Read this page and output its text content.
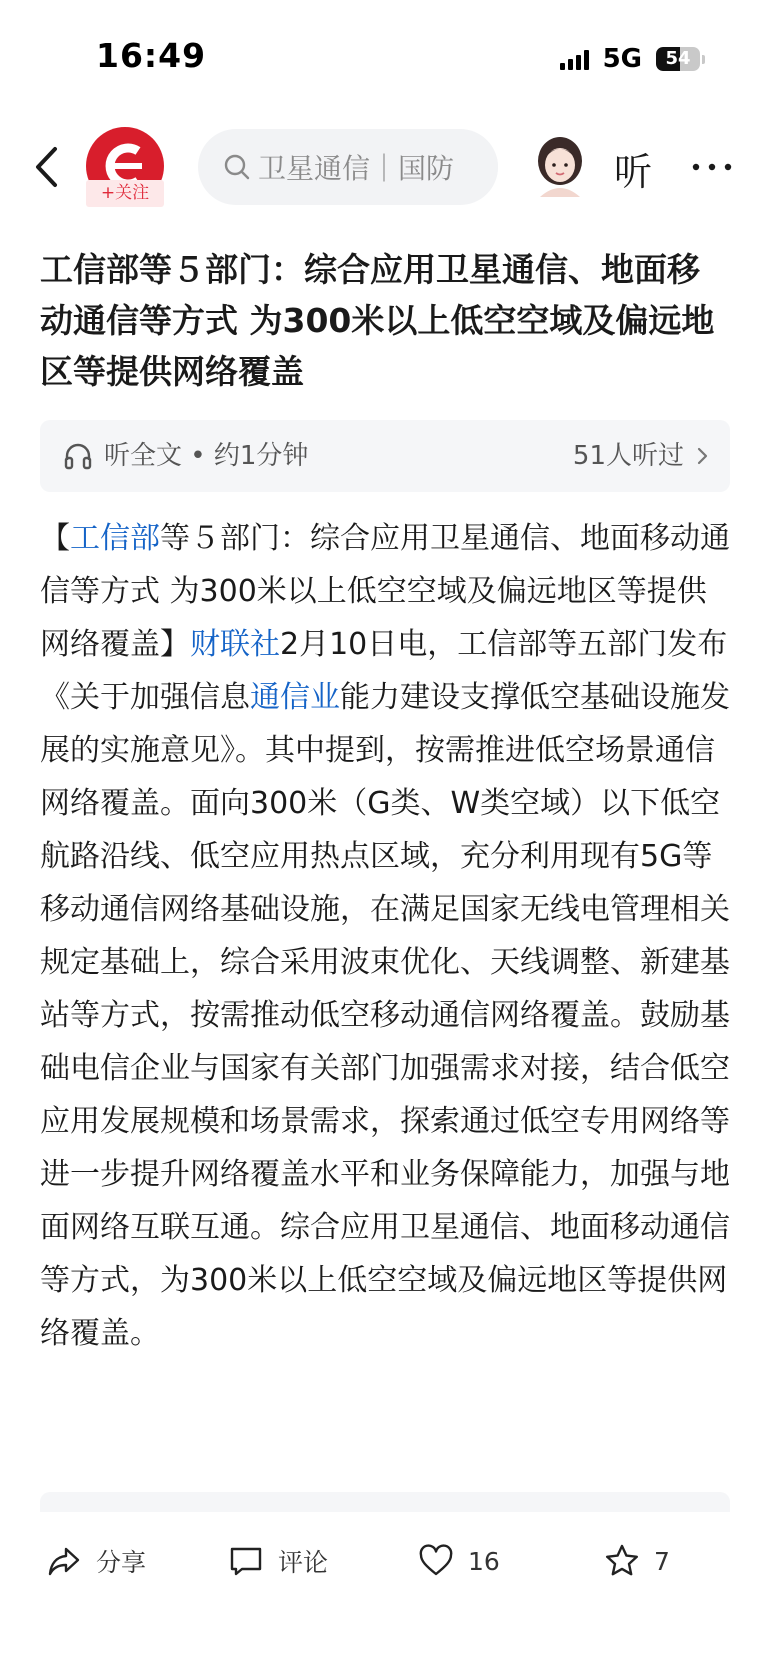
16:49	5G	54
+关注
卫星通信｜国防	听
工信部等５部门：综合应用卫星通信、地面移动通信等方式 为300米以上低空空域及偏远地区等提供网络覆盖
听全文 • 约1分钟	51人听过

【工信部等５部门：综合应用卫星通信、地面移动通信等方式 为300米以上低空空域及偏远地区等提供网络覆盖】财联社2月10日电，工信部等五部门发布《关于加强信息通信业能力建设支撑低空基础设施发展的实施意见》。其中提到，按需推进低空场景通信网络覆盖。面向300米（G类、W类空域）以下低空航路沿线、低空应用热点区域，充分利用现有5G等移动通信网络基础设施，在满足国家无线电管理相关规定基础上，综合采用波束优化、天线调整、新建基站等方式，按需推动低空移动通信网络覆盖。鼓励基础电信企业与国家有关部门加强需求对接，结合低空应用发展规模和场景需求，探索通过低空专用网络等进一步提升网络覆盖水平和业务保障能力，加强与地面网络互联互通。综合应用卫星通信、地面移动通信等方式，为300米以上低空空域及偏远地区等提供网络覆盖。

分享	评论	16	7
